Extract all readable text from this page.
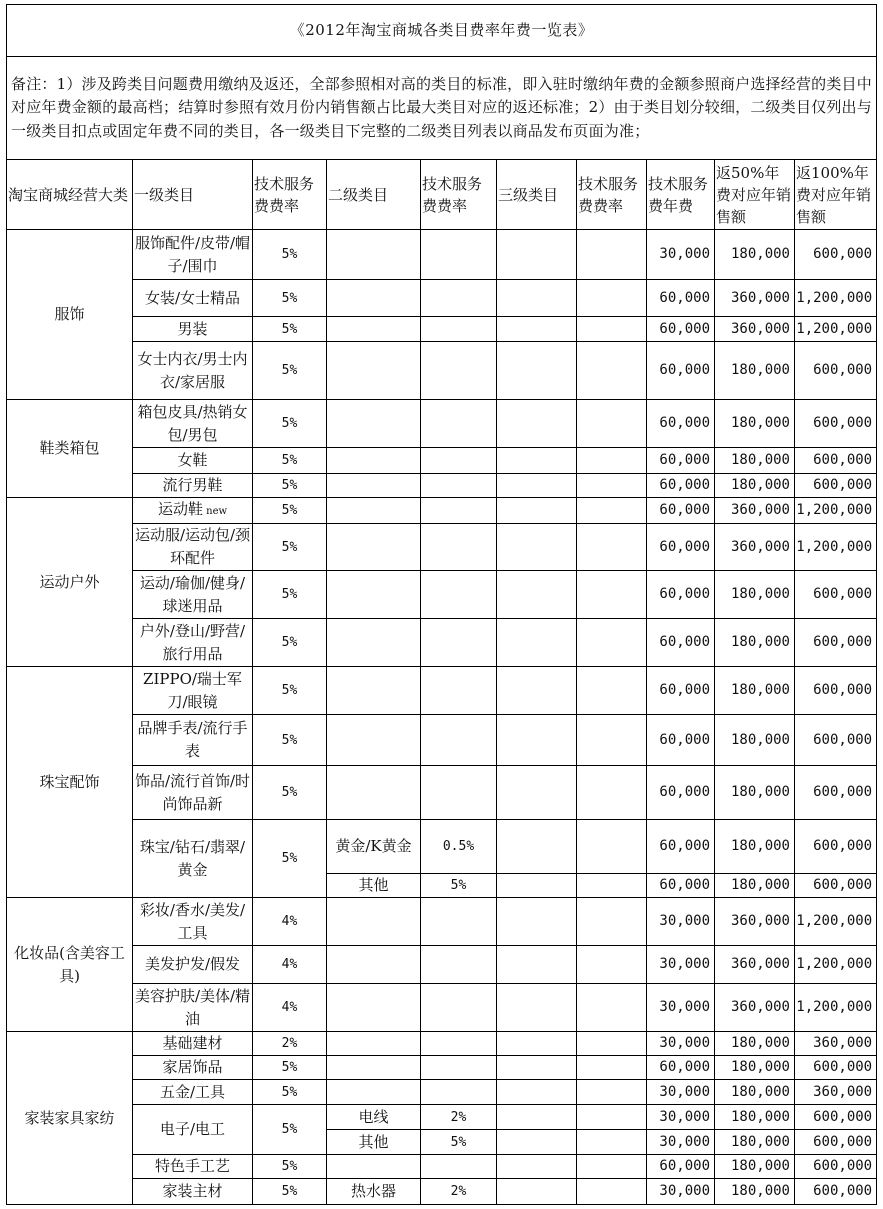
《2012年淘宝商城各类目费率年费一览表》									
备注：1）涉及跨类目问题费用缴纳及返还，全部参照相对高的类目的标准，即入驻时缴纳年费的金额参照商户选择经营的类目中对应年费金额的最高档；结算时参照有效月份内销售额占比最大类目对应的返还标准；2）由于类目划分较细，二级类目仅列出与一级类目扣点或固定年费不同的类目，各一级类目下完整的二级类目列表以商品发布页面为准；									
淘宝商城经营大类	一级类目	技术服务费费率	二级类目	技术服务费费率	三级类目	技术服务费费率	技术服务费年费	返50%年费对应年销售额	返100%年费对应年销售额
服饰	服饰配件/皮带/帽子/围巾	5%					30,000	180,000	600,000
	女装/女士精品	5%					60,000	360,000	1,200,000
	男装	5%					60,000	360,000	1,200,000
	女士内衣/男士内衣/家居服	5%					60,000	180,000	600,000
鞋类箱包	箱包皮具/热销女包/男包	5%					60,000	180,000	600,000
	女鞋	5%					60,000	180,000	600,000
	流行男鞋	5%					60,000	180,000	600,000
运动户外	运动鞋 new	5%					60,000	360,000	1,200,000
	运动服/运动包/颈环配件	5%					60,000	360,000	1,200,000
	运动/瑜伽/健身/球迷用品	5%					60,000	180,000	600,000
	户外/登山/野营/旅行用品	5%					60,000	180,000	600,000
珠宝配饰	ZIPPO/瑞士军刀/眼镜	5%					60,000	180,000	600,000
	品牌手表/流行手表	5%					60,000	180,000	600,000
	饰品/流行首饰/时尚饰品新	5%					60,000	180,000	600,000
	珠宝/钻石/翡翠/黄金	5%	黄金/K黄金	0.5%			60,000	180,000	600,000
			其他	5%			60,000	180,000	600,000
化妆品(含美容工具)	彩妆/香水/美发/工具	4%					30,000	360,000	1,200,000
	美发护发/假发	4%					30,000	360,000	1,200,000
	美容护肤/美体/精油	4%					30,000	360,000	1,200,000
家装家具家纺	基础建材	2%					30,000	180,000	360,000
	家居饰品	5%					60,000	180,000	600,000
	五金/工具	5%					30,000	180,000	360,000
	电子/电工	5%	电线	2%			30,000	180,000	600,000
			其他	5%			30,000	180,000	600,000
	特色手工艺	5%					60,000	180,000	600,000
	家装主材	5%	热水器	2%			30,000	180,000	600,000
